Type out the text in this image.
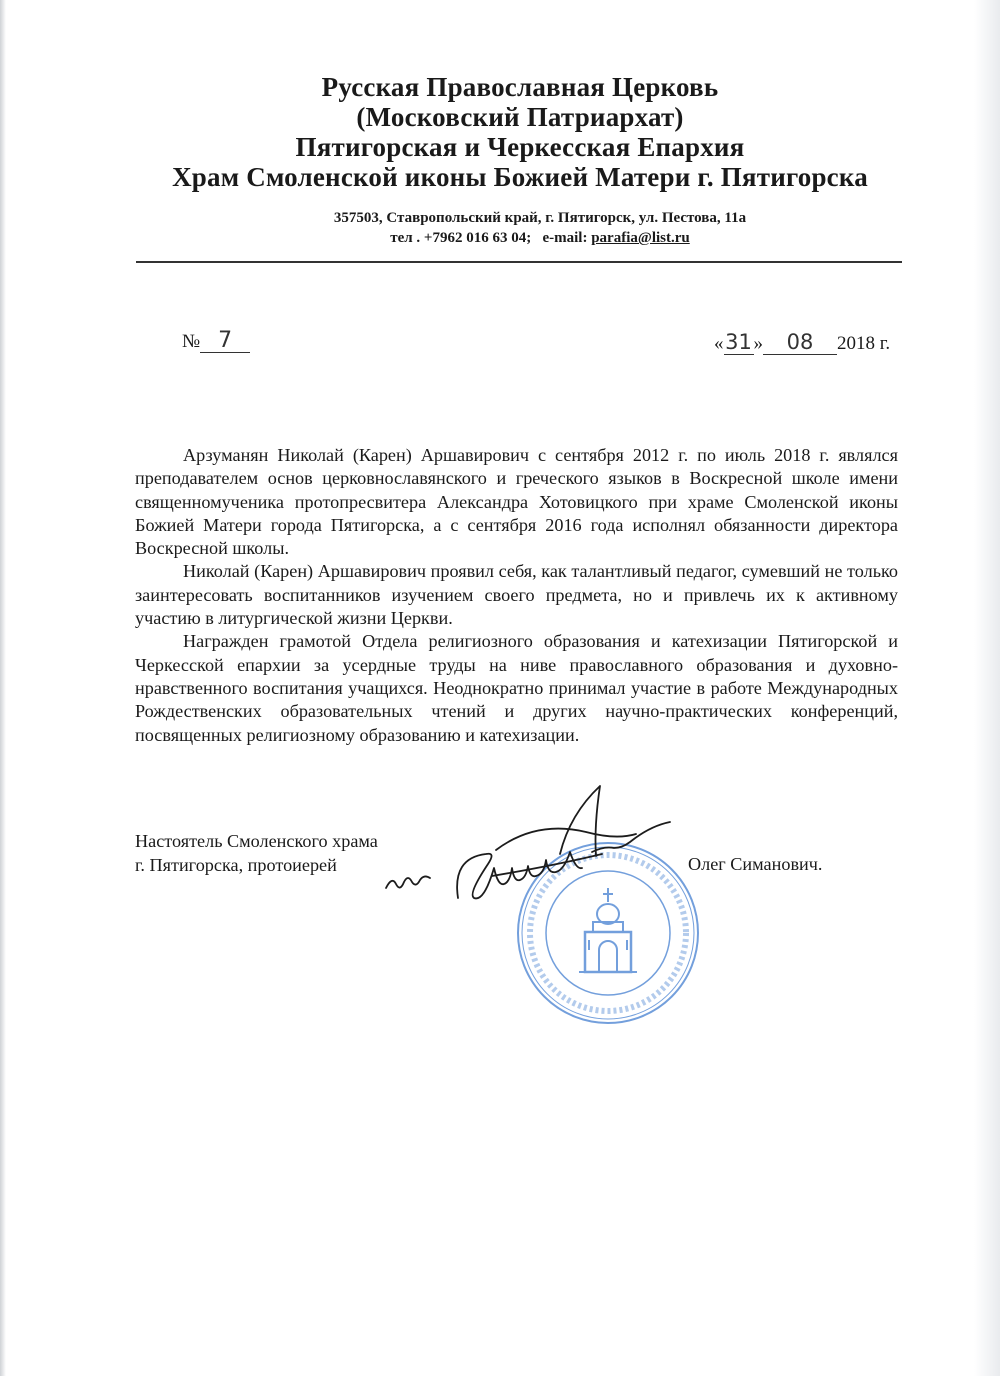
Русская Православная Церковь
(Московский Патриархат)
Пятигорская и Черкесская Епархия
Храм Смоленской иконы Божией Матери г. Пятигорска
357503, Ставропольский край, г. Пятигорск, ул. Пестова, 11а
тел . +7962 016 63 04; e-mail: parafia@list.ru
№ 7	«31» 08 2018 г.

Арзуманян Николай (Карен) Аршавирович с сентября 2012 г. по июль 2018 г. являлся преподавателем основ церковнославянского и греческого языков в Воскресной школе имени священномученика протопресвитера Александра Хотовицкого при храме Смоленской иконы Божией Матери города Пятигорска, а с сентября 2016 года исполнял обязанности директора Воскресной школы.

Николай (Карен) Аршавирович проявил себя, как талантливый педагог, сумевший не только заинтересовать воспитанников изучением своего предмета, но и привлечь их к активному участию в литургической жизни Церкви.

Награжден грамотой Отдела религиозного образования и катехизации Пятигорской и Черкесской епархии за усердные труды на ниве православного образования и духовно-нравственного воспитания учащихся. Неоднократно принимал участие в работе Международных Рождественских образовательных чтений и других научно-практических конференций, посвященных религиозному образованию и катехизации.

Настоятель Смоленского храма
г. Пятигорска, протоиерей	Олег Симанович.
